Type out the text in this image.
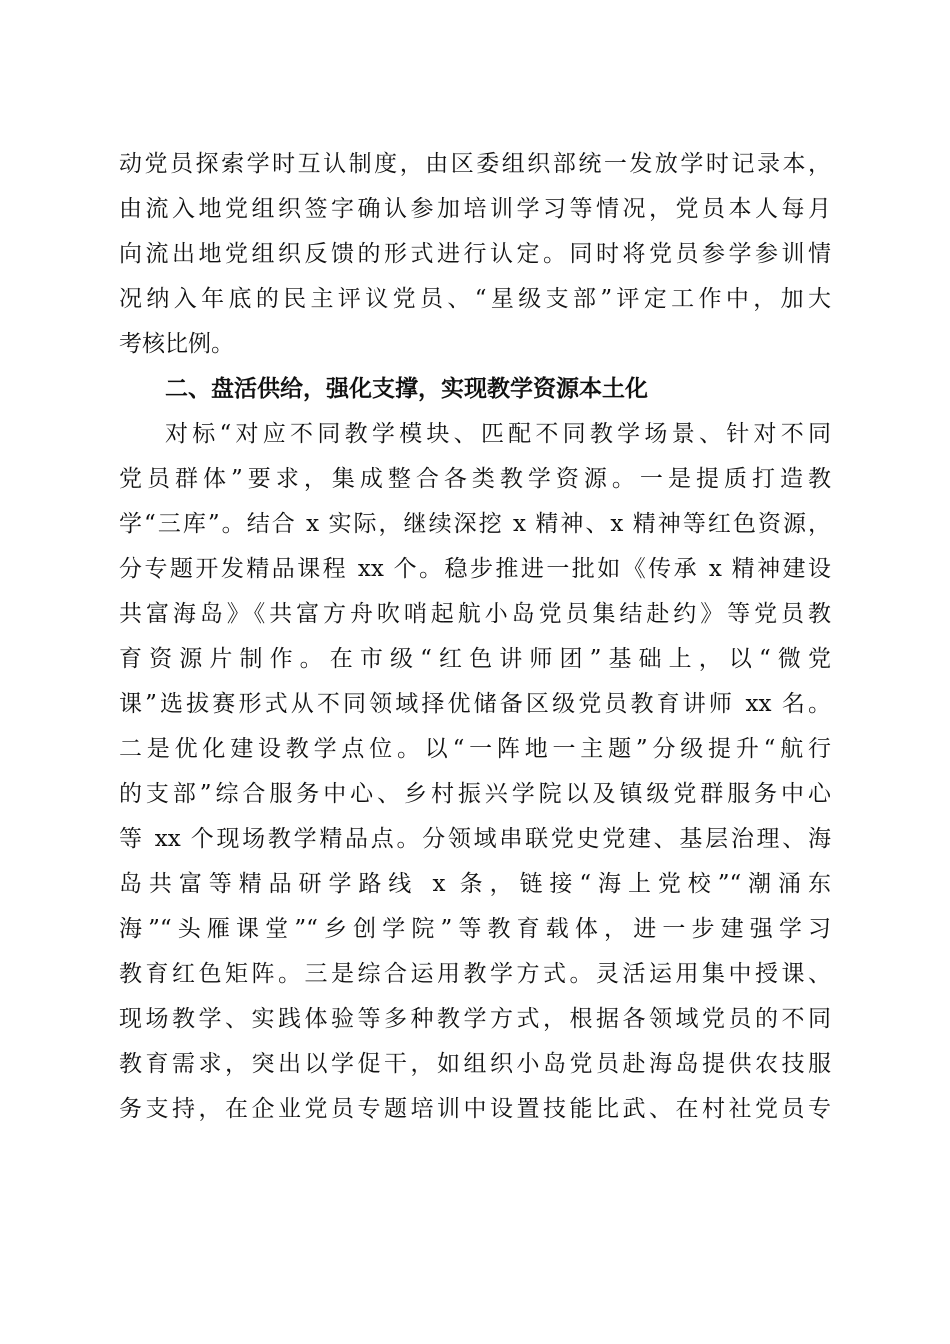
动党员探索学时互认制度，由区委组织部统一发放学时记录本，
由流入地党组织签字确认参加培训学习等情况，党员本人每月
向流出地党组织反馈的形式进行认定。同时将党员参学参训情
况纳入年底的民主评议党员、“星级支部”评定工作中，加大
考核比例。
二、盘活供给，强化支撑，实现教学资源本土化
对标“对应不同教学模块、匹配不同教学场景、针对不同
党员群体”要求，集成整合各类教学资源。一是提质打造教
学“三库”。结合 x 实际，继续深挖 x 精神、x 精神等红色资源，
分专题开发精品课程 xx 个。稳步推进一批如《传承 x 精神建设
共富海岛》《共富方舟吹哨起航小岛党员集结赴约》等党员教
育资源片制作。在市级“红色讲师团”基础上，以“微党
课”选拔赛形式从不同领域择优储备区级党员教育讲师 xx 名。
二是优化建设教学点位。以“一阵地一主题”分级提升“航行
的支部”综合服务中心、乡村振兴学院以及镇级党群服务中心
等 xx 个现场教学精品点。分领域串联党史党建、基层治理、海
岛共富等精品研学路线 x 条，链接“海上党校”“潮涌东
海”“头雁课堂”“乡创学院”等教育载体，进一步建强学习
教育红色矩阵。三是综合运用教学方式。灵活运用集中授课、
现场教学、实践体验等多种教学方式，根据各领域党员的不同
教育需求，突出以学促干，如组织小岛党员赴海岛提供农技服
务支持，在企业党员专题培训中设置技能比武、在村社党员专
